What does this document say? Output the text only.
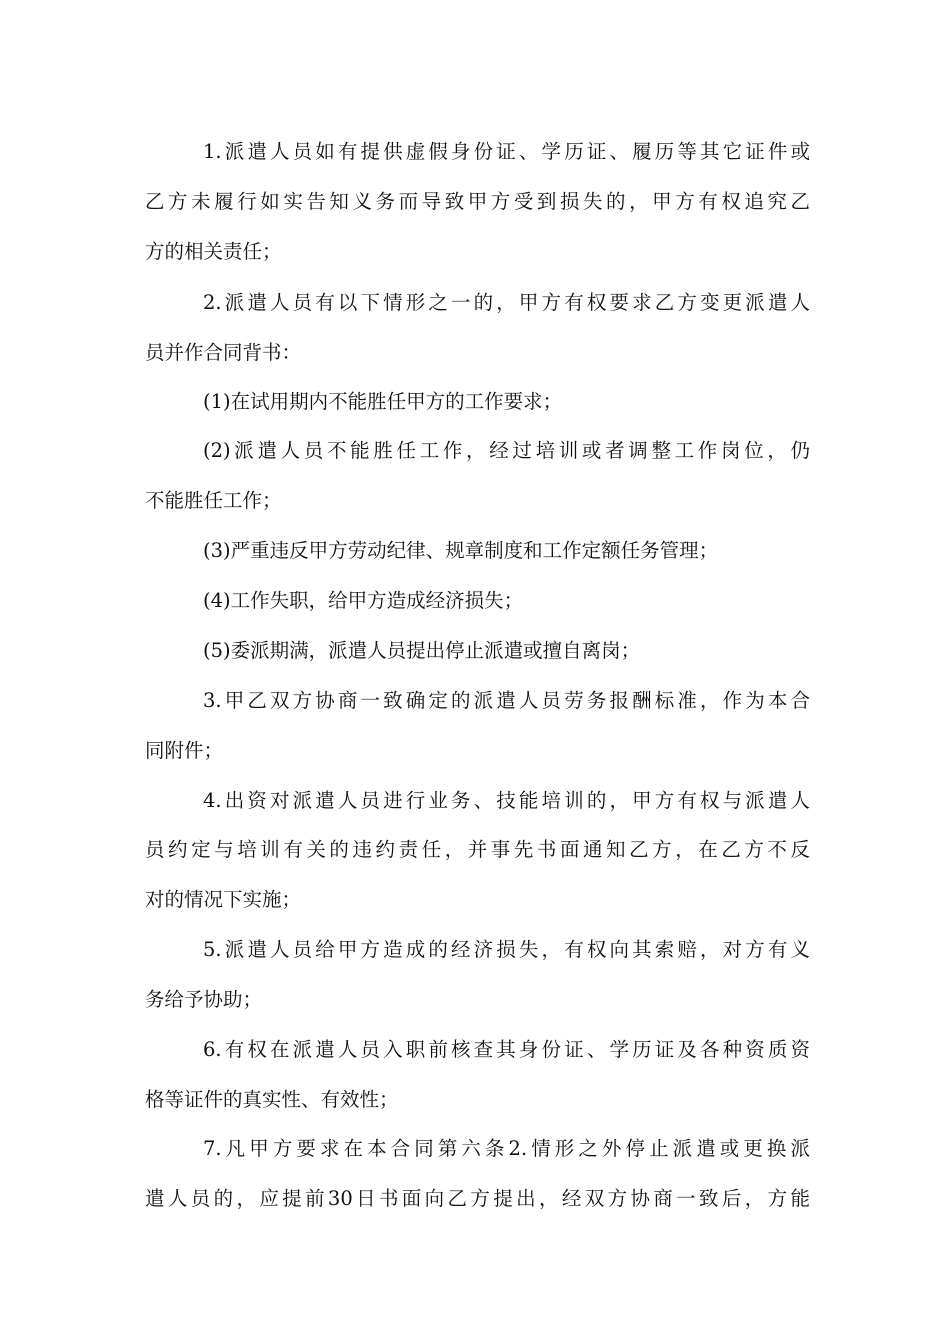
1.派遣人员如有提供虚假身份证、学历证、履历等其它证件或
乙方未履行如实告知义务而导致甲方受到损失的，甲方有权追究乙
方的相关责任；
2.派遣人员有以下情形之一的，甲方有权要求乙方变更派遣人
员并作合同背书：
(1)在试用期内不能胜任甲方的工作要求；
(2)派遣人员不能胜任工作，经过培训或者调整工作岗位，仍
不能胜任工作；
(3)严重违反甲方劳动纪律、规章制度和工作定额任务管理；
(4)工作失职，给甲方造成经济损失；
(5)委派期满，派遣人员提出停止派遣或擅自离岗；
3.甲乙双方协商一致确定的派遣人员劳务报酬标准，作为本合
同附件；
4.出资对派遣人员进行业务、技能培训的，甲方有权与派遣人
员约定与培训有关的违约责任，并事先书面通知乙方，在乙方不反
对的情况下实施；
5.派遣人员给甲方造成的经济损失，有权向其索赔，对方有义
务给予协助；
6.有权在派遣人员入职前核查其身份证、学历证及各种资质资
格等证件的真实性、有效性；
7.凡甲方要求在本合同第六条2.情形之外停止派遣或更换派
遣人员的，应提前30日书面向乙方提出，经双方协商一致后，方能
